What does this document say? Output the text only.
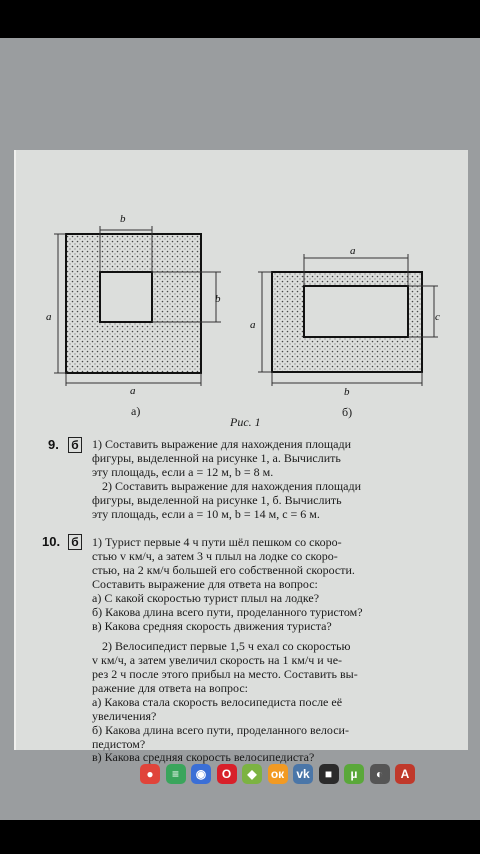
b
b
a
a
а)
a
c
a
b
б)
Рис. 1
9. б 1) Составить выражение для нахождения площади
фигуры, выделенной на рисунке 1, а. Вычислить
эту площадь, если a = 12 м, b = 8 м.
2) Составить выражение для нахождения площади
фигуры, выделенной на рисунке 1, б. Вычислить
эту площадь, если a = 10 м, b = 14 м, c = 6 м.
10. б 1) Турист первые 4 ч пути шёл пешком со скоро-
стью v км/ч, а затем 3 ч плыл на лодке со скоро-
стью, на 2 км/ч большей его собственной скорости.
Составить выражение для ответа на вопрос:
а) С какой скоростью турист плыл на лодке?
б) Какова длина всего пути, проделанного туристом?
в) Какова средняя скорость движения туриста?
2) Велосипедист первые 1,5 ч ехал со скоростью
v км/ч, а затем увеличил скорость на 1 км/ч и че-
рез 2 ч после этого прибыл на место. Составить вы-
ражение для ответа на вопрос:
а) Какова стала скорость велосипедиста после её
увеличения?
б) Какова длина всего пути, проделанного велоси-
педистом?
в) Какова средняя скорость велосипедиста?
●	≡	◉	O	◆	ок vk	■	µ	◐	A
